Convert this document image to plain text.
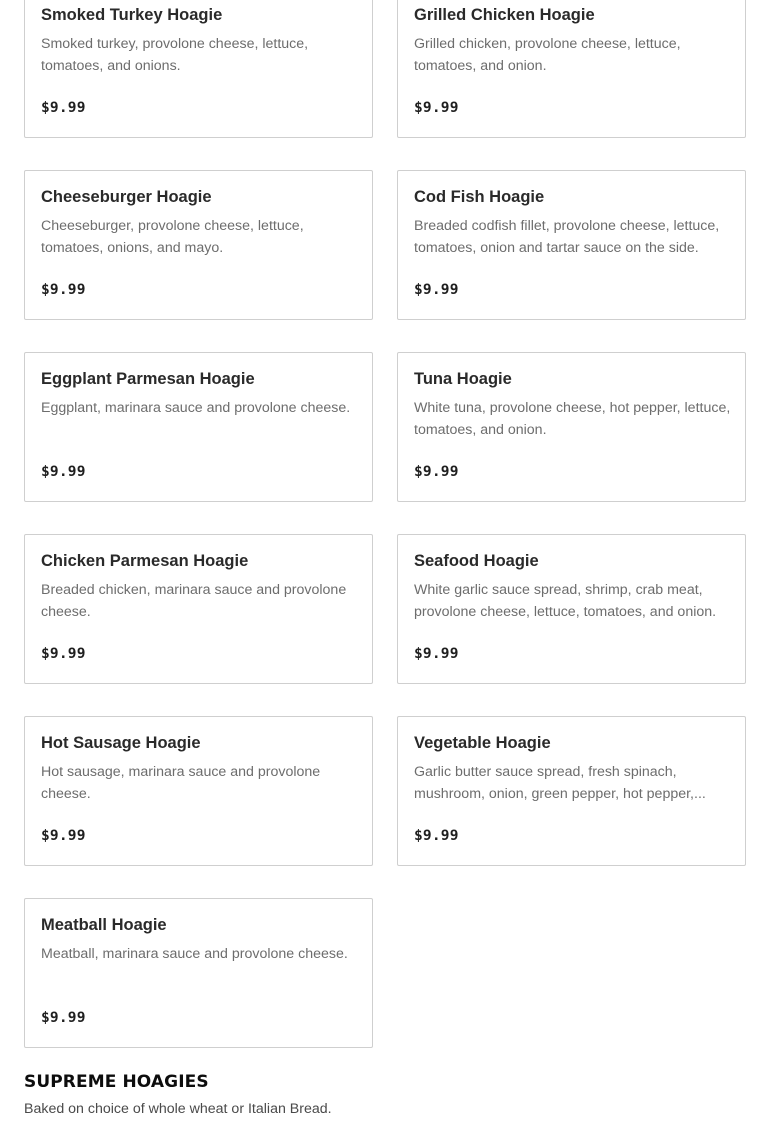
Smoked Turkey Hoagie
Smoked turkey, provolone cheese, lettuce, tomatoes, and onions.
$9.99
Grilled Chicken Hoagie
Grilled chicken, provolone cheese, lettuce, tomatoes, and onion.
$9.99
Cheeseburger Hoagie
Cheeseburger, provolone cheese, lettuce, tomatoes, onions, and mayo.
$9.99
Cod Fish Hoagie
Breaded codfish fillet, provolone cheese, lettuce, tomatoes, onion and tartar sauce on the side.
$9.99
Eggplant Parmesan Hoagie
Eggplant, marinara sauce and provolone cheese.
$9.99
Tuna Hoagie
White tuna, provolone cheese, hot pepper, lettuce, tomatoes, and onion.
$9.99
Chicken Parmesan Hoagie
Breaded chicken, marinara sauce and provolone cheese.
$9.99
Seafood Hoagie
White garlic sauce spread, shrimp, crab meat, provolone cheese, lettuce, tomatoes, and onion.
$9.99
Hot Sausage Hoagie
Hot sausage, marinara sauce and provolone cheese.
$9.99
Vegetable Hoagie
Garlic butter sauce spread, fresh spinach, mushroom, onion, green pepper, hot pepper,...
$9.99
Meatball Hoagie
Meatball, marinara sauce and provolone cheese.
$9.99
SUPREME HOAGIES

Baked on choice of whole wheat or Italian Bread.
